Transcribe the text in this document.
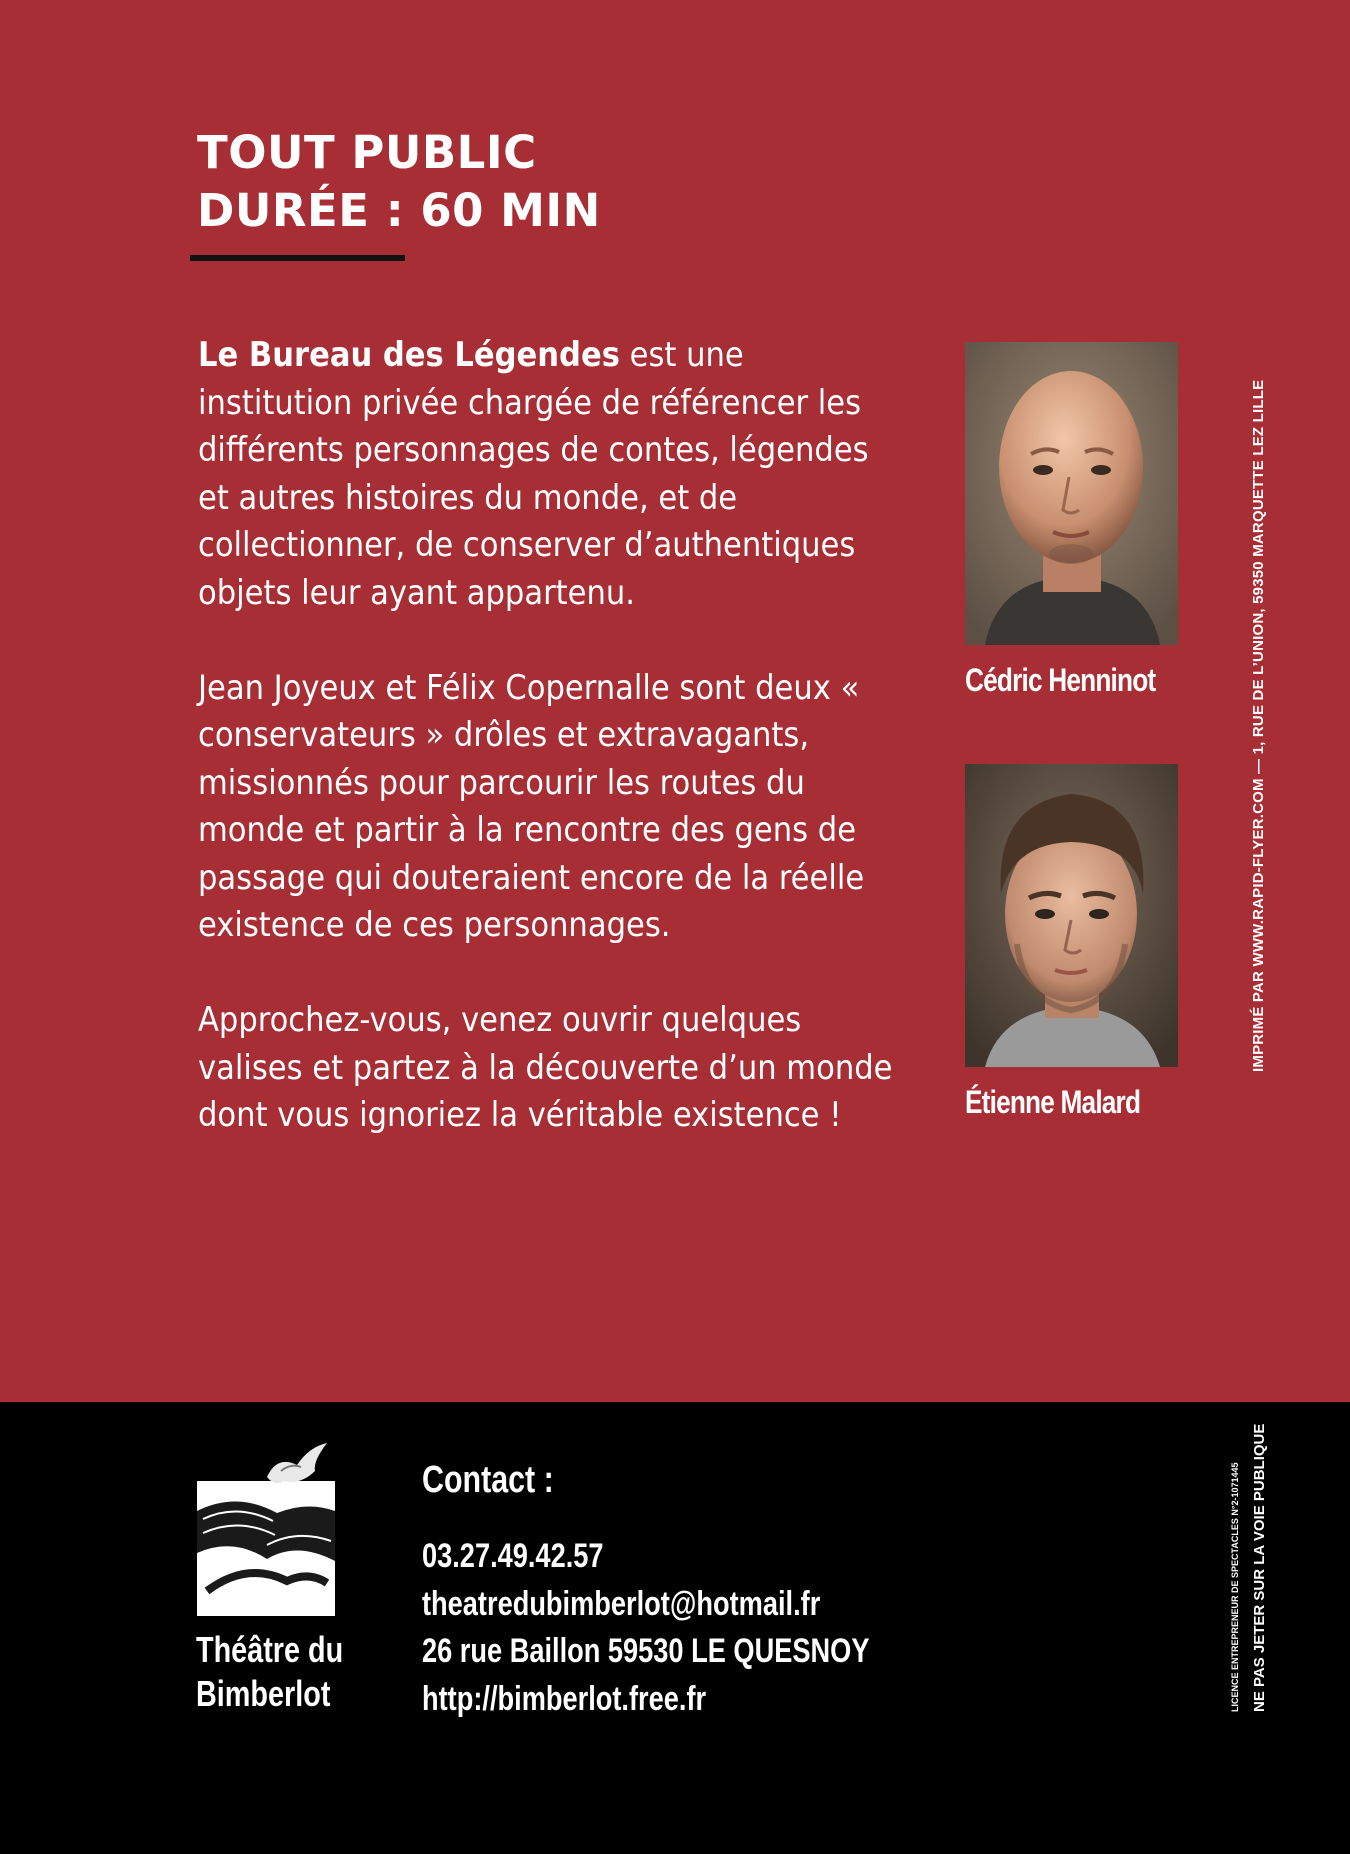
TOUT PUBLIC
DURÉE : 60 MIN

Le Bureau des Légendes est une institution privée chargée de référencer les différents personnages de contes, légendes et autres histoires du monde, et de collectionner, de conserver d’authentiques objets leur ayant appartenu.

Jean Joyeux et Félix Copernalle sont deux « conservateurs » drôles et extravagants, missionnés pour parcourir les routes du monde et partir à la rencontre des gens de passage qui douteraient encore de la réelle existence de ces personnages.

Approchez-vous, venez ouvrir quelques valises et partez à la découverte d’un monde dont vous ignoriez la véritable existence !

Cédric Henninot
Étienne Malard
IMPRIMÉ PAR WWW.RAPID-FLYER.COM — 1, RUE DE L’UNION, 59350 MARQUETTE LEZ LILLE
LICENCE ENTREPRENEUR DE SPECTACLES N°2-1071445 NE PAS JETER SUR LA VOIE PUBLIQUE
Théâtre du
Bimberlot
Contact :
03.27.49.42.57
theatredubimberlot@hotmail.fr
26 rue Baillon 59530 LE QUESNOY
http://bimberlot.free.fr
